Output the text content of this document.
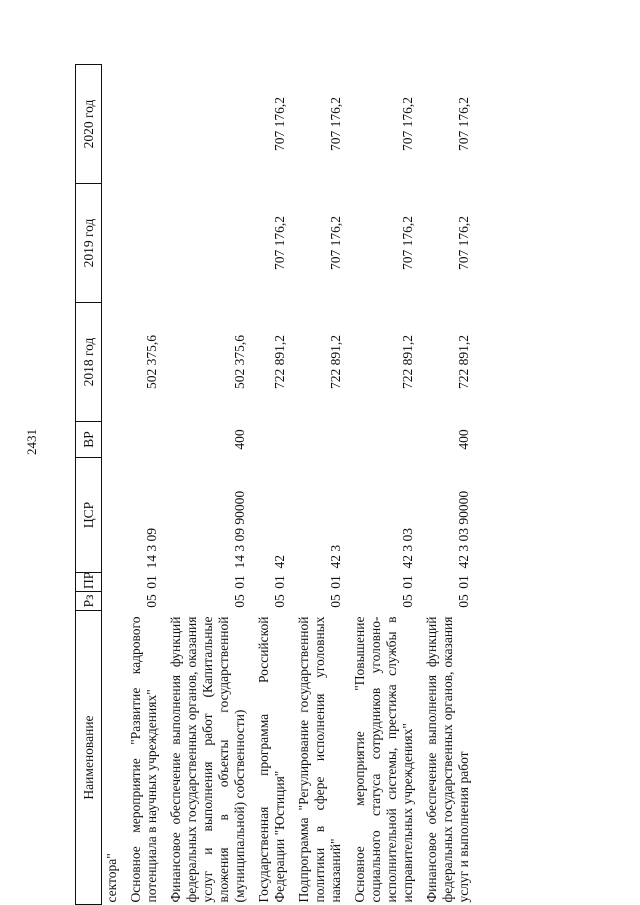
2431
Наименование	Рз	ПР	ЦСР	ВР	2018 год	2019 год	2020 год
сектора"							
Основное мероприятие "Развитие кадрового потенциала в научных учреждениях"	05	01	14 3 09		502 375,6		
Финансовое обеспечение выполнения функций федеральных государственных органов, оказания услуг и выполнения работ (Капитальные вложения в объекты государственной (муниципальной) собственности)	05	01	14 3 09 90000	400	502 375,6		
Государственная программа Российской Федерации "Юстиция"	05	01	42		722 891,2	707 176,2	707 176,2
Подпрограмма "Регулирование государственной политики в сфере исполнения уголовных наказаний"	05	01	42 3		722 891,2	707 176,2	707 176,2
Основное мероприятие "Повышение социального статуса сотрудников уголовно-исполнительной системы, престижа службы в исправительных учреждениях"	05	01	42 3 03		722 891,2	707 176,2	707 176,2
Финансовое обеспечение выполнения функций федеральных государственных органов, оказания услуг и выполнения работ	05	01	42 3 03 90000	400	722 891,2	707 176,2	707 176,2
